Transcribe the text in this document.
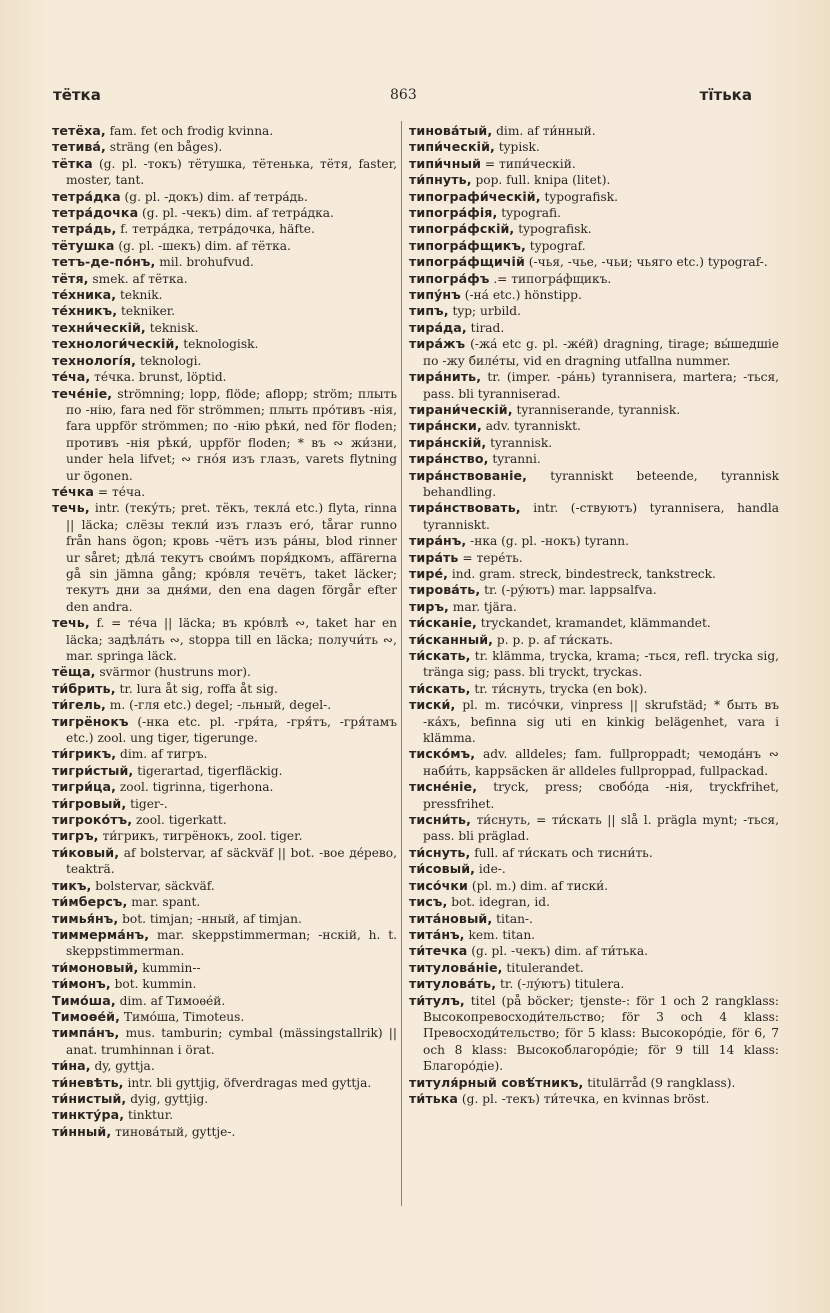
тётка	863	тїтька
тетёха, fam. fet och frodig kvinna.
тетива́, sträng (en båges).
тётка (g. pl. -токъ) тётушка, тётенька, тётя, faster, moster, tant.
тетра́дка (g. pl. -докъ) dim. af тетра́дь.
тетра́дочка (g. pl. -чекъ) dim. af тетра́дка.
тетра́дь, f. тетра́дка, тетра́дочка, häfte.
тётушка (g. pl. -шекъ) dim. af тётка.
тетъ-де-по́нъ, mil. brohufvud.
тётя, smek. af тётка.
те́хника, teknik.
те́хникъ, tekniker.
техни́ческій, teknisk.
технологи́ческій, teknologisk.
технологі́я, teknologi.
те́ча, те́чка. brunst, löptid.
тече́ніе, strömning; lopp, flöde; aflopp; ström; плыть по -нію, fara ned för strömmen; плыть про́тивъ -нія, fara uppför strömmen; по -нію рѣки́, ned för floden; противъ -нія рѣки́, uppför floden; * въ ∾ жи́зни, under hela lifvet; ∾ гно́я изъ глазъ, varets flytning ur ögonen.
те́чка = те́ча.
течь, intr. (теку́ть; pret. тёкъ, текла́ etc.) flyta, rinna || läcka; слёзы текли́ изъ глазъ его́, tårar runno från hans ögon; кровь -чётъ изъ ра́ны, blod rinner ur såret; дѣла́ текутъ свои́мъ поря́дкомъ, affärerna gå sin jämna gång; кро́вля течётъ, taket läcker; текутъ дни за дня́ми, den ena dagen förgår efter den andra.
течь, f. = те́ча || läcka; въ кро́влѣ ∾, taket har en läcka; задѣла́ть ∾, stoppa till en läcka; получи́ть ∾, mar. springa läck.
тёща, svärmor (hustruns mor).
ти́брить, tr. lura åt sig, roffa åt sig.
ти́гель, m. (-гля etc.) degel; -льный, degel-.
тигрёнокъ (-нка etc. pl. -гря́та, -гря́тъ, -гря́тамъ etc.) zool. ung tiger, tigerunge.
ти́грикъ, dim. af тигръ.
тигри́стый, tigerartad, tigerfläckig.
тигри́ца, zool. tigrinna, tigerhona.
ти́гровый, tiger-.
тигроко́тъ, zool. tigerkatt.
тигръ, ти́грикъ, тигрёнокъ, zool. tiger.
ти́ковый, af bolstervar, af säckväf || bot. -вое де́рево, teakträ.
тикъ, bolstervar, säckväf.
ти́мберсъ, mar. spant.
тимья́нъ, bot. timjan; -нный, af timjan.
тиммерма́нъ, mar. skeppstimmerman; -нскій, h. t. skeppstimmerman.
ти́моновый, kummin--
ти́монъ, bot. kummin.
Тимо́ша, dim. af Тимоѳе́й.
Тимоѳе́й, Тимо́ша, Timoteus.
тимпа́нъ, mus. tamburin; cymbal (mässingstallrik) || anat. trumhinnan i örat.
ти́на, dy, gyttja.
ти́невѣть, intr. bli gyttjig, öfverdragas med gyttja.
ти́нистый, dyig, gyttjig.
тинкту́ра, tinktur.
ти́нный, тинова́тый, gyttje-.
тинова́тый, dim. af ти́нный.
типи́ческій, typisk.
типи́чный = типи́ческій.
ти́пнуть, pop. full. knipa (litet).
типографи́ческій, typografisk.
типогра́фія, typografi.
типогра́фскій, typografisk.
типогра́фщикъ, typograf.
типогра́фщичій (-чья, -чье, -чьи; чьяго etc.) typograf-.
типогра́фъ .= типогра́фщикъ.
типу́нъ (-на́ etc.) hönstipp.
типъ, typ; urbild.
тира́да, tirad.
тира́жъ (-жа́ etc g. pl. -же́й) dragning, tirage; вы́шедшіе по -жу биле́ты, vid en dragning utfallna nummer.
тира́нить, tr. (imper. -ра́нь) tyrannisera, martera; -ться, pass. bli tyranniserad.
тирани́ческій, tyranniserande, tyrannisk.
тира́нски, adv. tyranniskt.
тира́нскій, tyrannisk.
тира́нство, tyranni.
тира́нствованіе, tyranniskt beteende, tyrannisk behandling.
тира́нствовать, intr. (-ствуютъ) tyrannisera, handla tyranniskt.
тира́нъ, -нка (g. pl. -нокъ) tyrann.
тира́ть = тере́ть.
тире́, ind. gram. streck, bindestreck, tankstreck.
тирова́ть, tr. (-ру́ютъ) mar. lappsalfva.
тиръ, mar. tjära.
ти́сканіе, tryckandet, kramandet, klämmandet.
ти́сканный, p. p. p. af ти́скать.
ти́скать, tr. klämma, trycka, krama; -ться, refl. trycka sig, tränga sig; pass. bli tryckt, tryckas.
ти́скать, tr. ти́снуть, trycka (en bok).
тиски́, pl. m. тисо́чки, vinpress || skrufstäd; * быть въ -ка́хъ, befinna sig uti en kinkig belägenhet, vara i klämma.
тиско́мъ, adv. alldeles; fam. fullproppadt; чемода́нъ ∾ наби́ть, kappsäcken är alldeles fullproppad, fullpackad.
тисне́ніе, tryck, press; свобо́да -нія, tryckfrihet, pressfrihet.
тисни́ть, ти́снуть, = ти́скать || slå l. prägla mynt; -ться, pass. bli präglad.
ти́снуть, full. af ти́скать och тисни́ть.
ти́совый, ide-.
тисо́чки (pl. m.) dim. af тиски́.
тисъ, bot. idegran, id.
тита́новый, titan-.
тита́нъ, kem. titan.
ти́течка (g. pl. -чекъ) dim. af ти́тька.
титулова́ніе, titulerandet.
титулова́ть, tr. (-лу́ютъ) titulera.
ти́тулъ, titel (på böcker; tjenste-: för 1 och 2 rangklass: Высокопревосходи́тельство; för 3 och 4 klass: Превосходи́тельство; för 5 klass: Высокоро́діе, för 6, 7 och 8 klass: Высокоблагоро́діе; för 9 till 14 klass: Благоро́діе).
титуля́рный совѣ́тникъ, titulärråd (9 rangklass).
ти́тька (g. pl. -текъ) ти́течка, en kvinnas bröst.
